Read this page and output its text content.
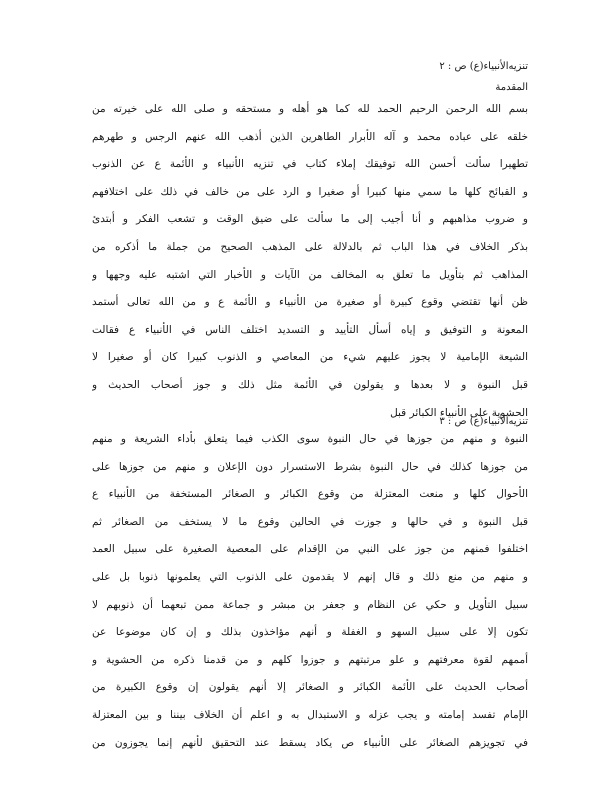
تنزیه‌الأنبیاء(ع) ص : ٢
المقدمة
بسم الله الرحمن الرحيم الحمد لله كما هو أهله و مستحقه و صلى الله على خيرته من
خلقه على عباده محمد و آله الأبرار الطاهرين الذين أذهب الله عنهم الرجس و طهرهم
تطهيرا سألت أحسن الله توفيقك إملاء كتاب في تنزيه الأنبياء و الأئمة ع عن الذنوب
و القبائح كلها ما سمي منها كبيرا أو صغيرا و الرد على من خالف في ذلك على اختلافهم
و ضروب مذاهبهم و أنا أجيب إلى ما سألت على ضيق الوقت و تشعب الفكر و أبتدئ
بذكر الخلاف في هذا الباب ثم بالدلالة على المذهب الصحيح من جملة ما أذكره من
المذاهب ثم بتأويل ما تعلق به المخالف من الآيات و الأخبار التي اشتبه عليه وجهها و
ظن أنها تقتضي وقوع كبيرة أو صغيرة من الأنبياء و الأئمة ع و من الله تعالى أستمد
المعونة و التوفيق و إياه أسأل التأييد و التسديد اختلف الناس في الأنبياء ع فقالت
الشيعة الإمامية لا يجوز عليهم شيء من المعاصي و الذنوب كبيرا كان أو صغيرا لا
قبل النبوة و لا بعدها و يقولون في الأئمة مثل ذلك و جوز أصحاب الحديث و
الحشوية على الأنبياء الكبائر قبل
تنزیه‌الأنبیاء(ع) ص : ٣
النبوة و منهم من جوزها في حال النبوة سوى الكذب فيما يتعلق بأداء الشريعة و منهم
من جوزها كذلك في حال النبوة بشرط الاستسرار دون الإعلان و منهم من جوزها على
الأحوال كلها و منعت المعتزلة من وقوع الكبائر و الصغائر المستخفة من الأنبياء ع
قبل النبوة و في حالها و جوزت في الحالين وقوع ما لا يستخف من الصغائر ثم
اختلفوا فمنهم من جوز على النبي من الإقدام على المعصية الصغيرة على سبيل العمد
و منهم من منع ذلك و قال إنهم لا يقدمون على الذنوب التي يعلمونها ذنوبا بل على
سبيل التأويل و حكي عن النظام و جعفر بن مبشر و جماعة ممن تبعهما أن ذنوبهم لا
تكون إلا على سبيل السهو و الغفلة و أنهم مؤاخذون بذلك و إن كان موضوعا عن
أممهم لقوة معرفتهم و علو مرتبتهم و جوزوا كلهم و من قدمنا ذكره من الحشوية و
أصحاب الحديث على الأئمة الكبائر و الصغائر إلا أنهم يقولون إن وقوع الكبيرة من
الإمام تفسد إمامته و يجب عزله و الاستبدال به و اعلم أن الخلاف بيننا و بين المعتزلة
في تجويزهم الصغائر على الأنبياء ص يكاد يسقط عند التحقيق لأنهم إنما يجوزون من
